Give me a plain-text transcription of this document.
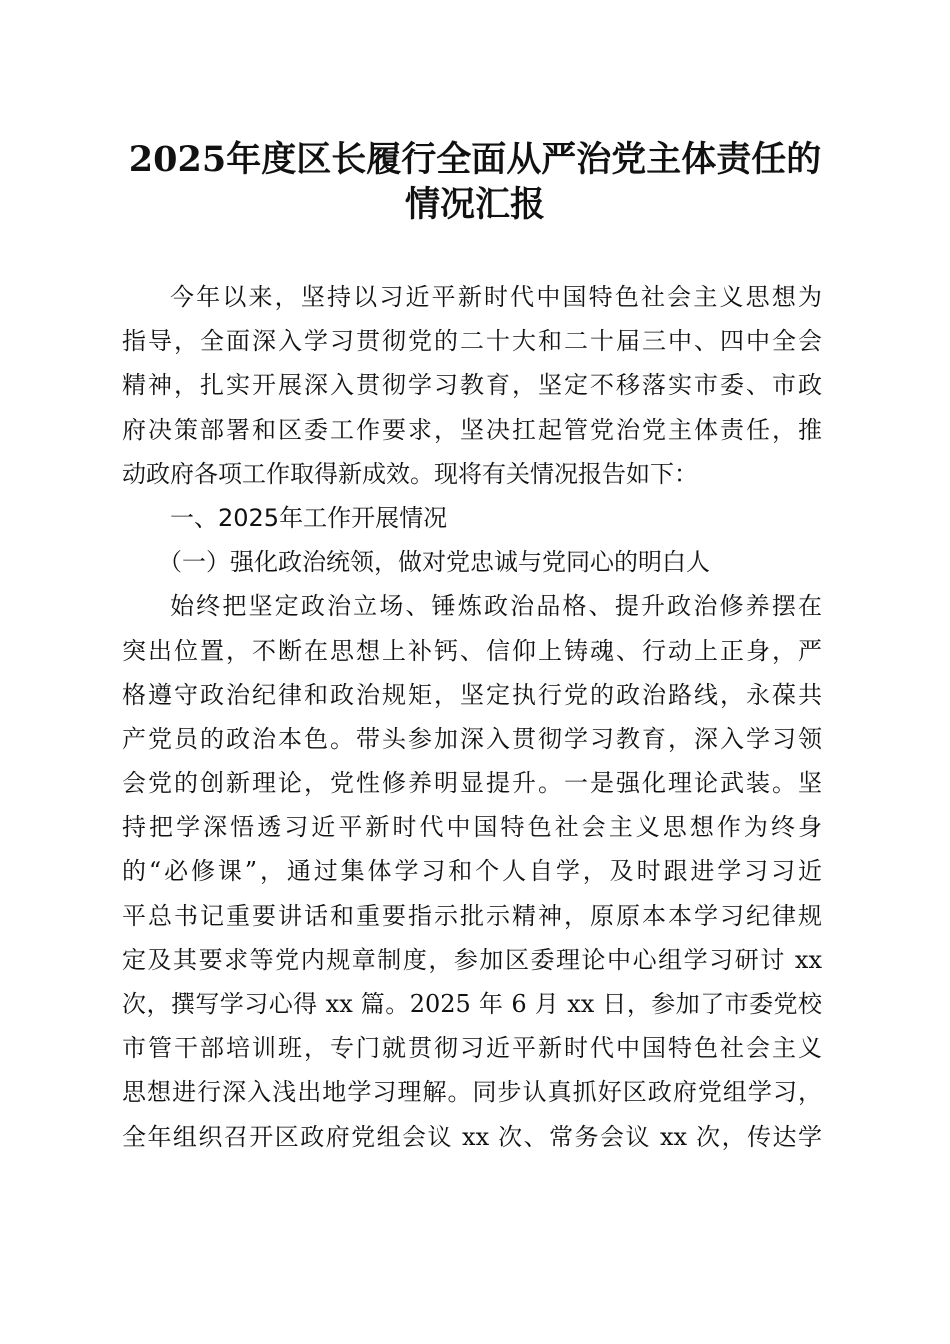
2025年度区长履行全面从严治党主体责任的
情况汇报
今年以来，坚持以习近平新时代中国特色社会主义思想为
指导，全面深入学习贯彻党的二十大和二十届三中、四中全会
精神，扎实开展深入贯彻学习教育，坚定不移落实市委、市政
府决策部署和区委工作要求，坚决扛起管党治党主体责任，推
动政府各项工作取得新成效。现将有关情况报告如下：
一、2025年工作开展情况
（一）强化政治统领，做对党忠诚与党同心的明白人
始终把坚定政治立场、锤炼政治品格、提升政治修养摆在
突出位置，不断在思想上补钙、信仰上铸魂、行动上正身，严
格遵守政治纪律和政治规矩，坚定执行党的政治路线，永葆共
产党员的政治本色。带头参加深入贯彻学习教育，深入学习领
会党的创新理论，党性修养明显提升。一是强化理论武装。坚
持把学深悟透习近平新时代中国特色社会主义思想作为终身
的“必修课”，通过集体学习和个人自学，及时跟进学习习近
平总书记重要讲话和重要指示批示精神，原原本本学习纪律规
定及其要求等党内规章制度，参加区委理论中心组学习研讨 xx
次，撰写学习心得 xx 篇。2025 年 6 月 xx 日，参加了市委党校
市管干部培训班，专门就贯彻习近平新时代中国特色社会主义
思想进行深入浅出地学习理解。同步认真抓好区政府党组学习，
全年组织召开区政府党组会议 xx 次、常务会议 xx 次，传达学
